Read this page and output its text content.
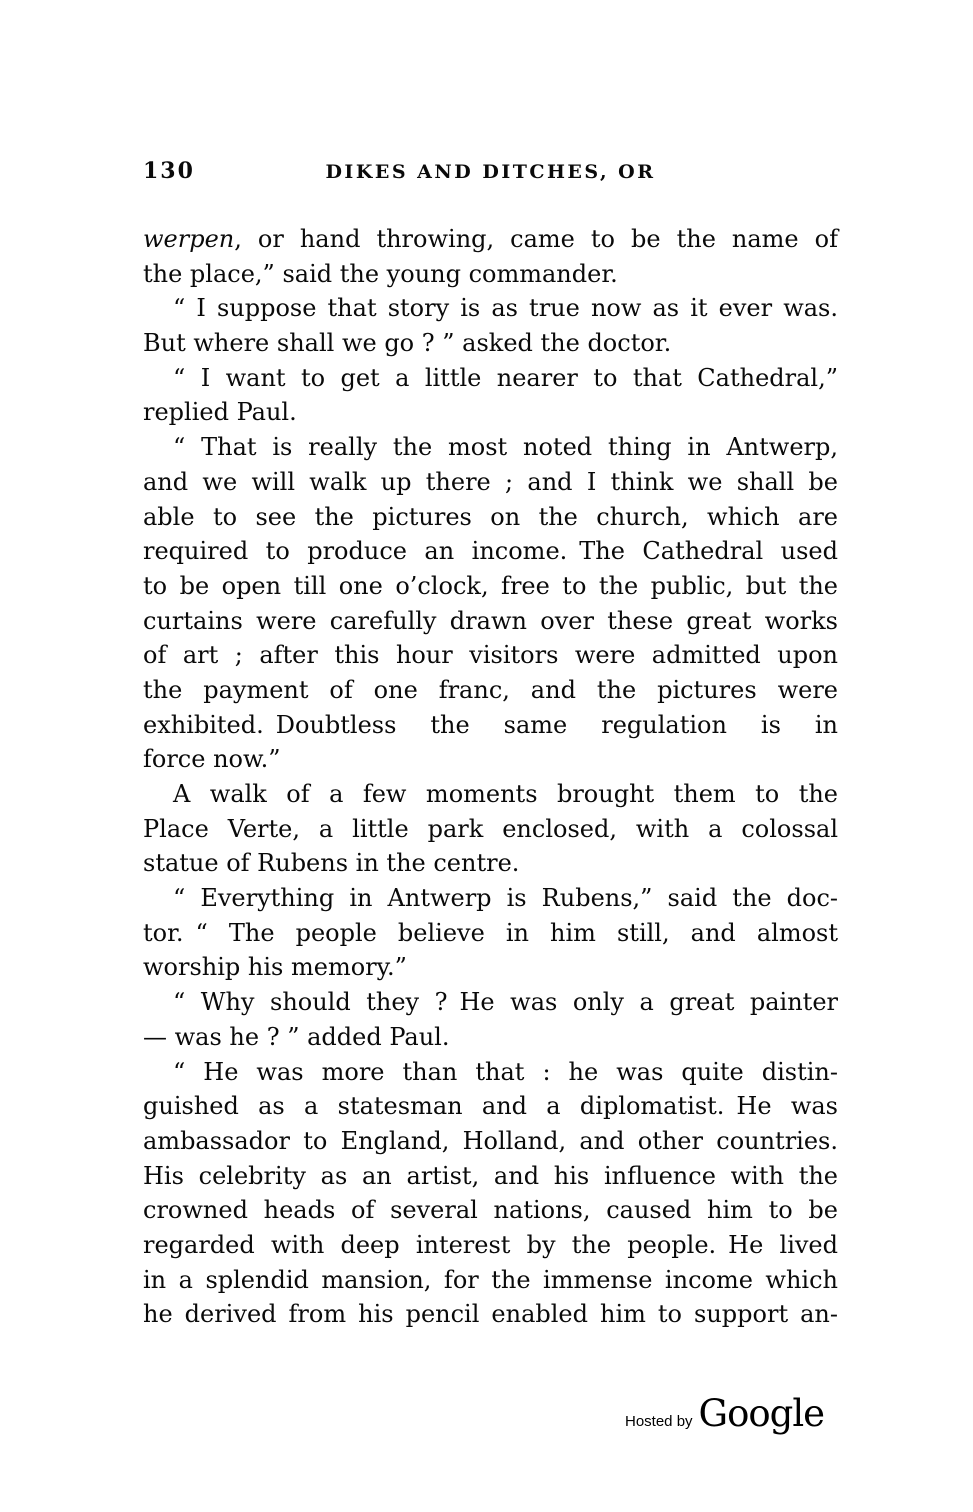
130	DIKES AND DITCHES, OR
werpen, or hand throwing, came to be the name of
the place,” said the young commander.
“ I suppose that story is as true now as it ever was.
But where shall we go ? ” asked the doctor.
“ I want to get a little nearer to that Cathedral,”
replied Paul.
“ That is really the most noted thing in Antwerp,
and we will walk up there ; and I think we shall be
able to see the pictures on the church, which are
required to produce an income. The Cathedral used
to be open till one o’clock, free to the public, but the
curtains were carefully drawn over these great works
of art ; after this hour visitors were admitted upon
the payment of one franc, and the pictures were
exhibited. Doubtless the same regulation is in
force now.”
A walk of a few moments brought them to the
Place Verte, a little park enclosed, with a colossal
statue of Rubens in the centre.
“ Everything in Antwerp is Rubens,” said the doc-
tor. “ The people believe in him still, and almost
worship his memory.”
“ Why should they ? He was only a great painter
— was he ? ” added Paul.
“ He was more than that : he was quite distin-
guished as a statesman and a diplomatist. He was
ambassador to England, Holland, and other countries.
His celebrity as an artist, and his influence with the
crowned heads of several nations, caused him to be
regarded with deep interest by the people. He lived
in a splendid mansion, for the immense income which
he derived from his pencil enabled him to support an-
Hosted by Google
